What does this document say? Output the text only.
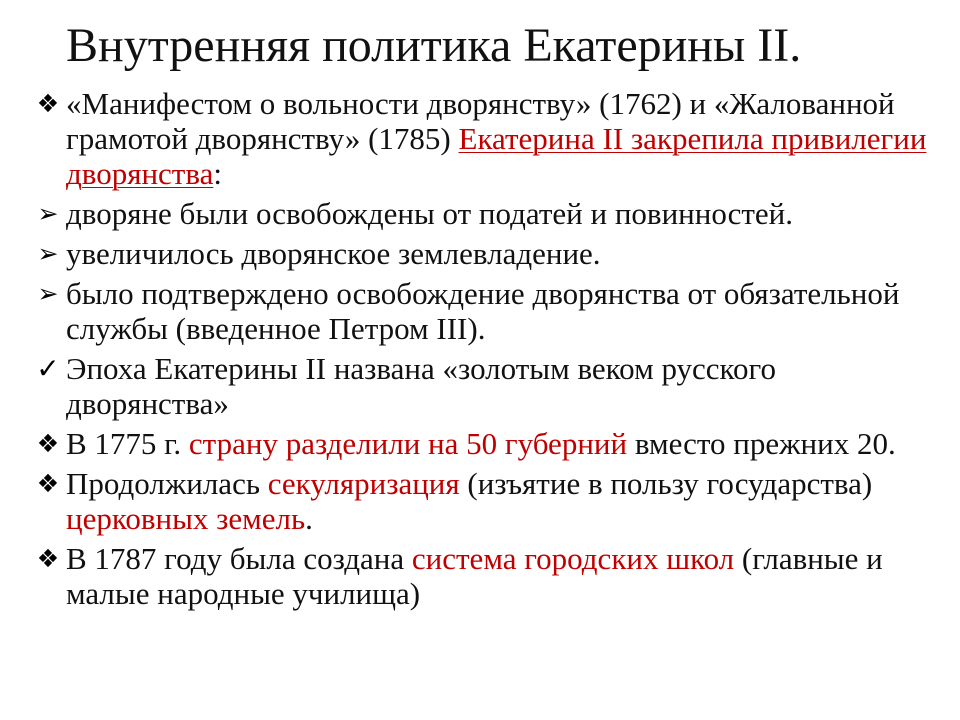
Внутренняя политика Екатерины II.
❖ «Манифестом о вольности дворянству» (1762) и «Жалованной грамотой дворянству» (1785) Екатерина II закрепила привилегии дворянства:
➢ дворяне были освобождены от податей и повинностей.
➢ увеличилось дворянское землевладение.
➢ было подтверждено освобождение дворянства от обязательной службы (введенное Петром III).
✓ Эпоха Екатерины II названа «золотым веком русского дворянства»
❖ В 1775 г. страну разделили на 50 губерний вместо прежних 20.
❖ Продолжилась секуляризация (изъятие в пользу государства) церковных земель.
❖ В 1787 году была создана система городских школ (главные и малые народные училища)
